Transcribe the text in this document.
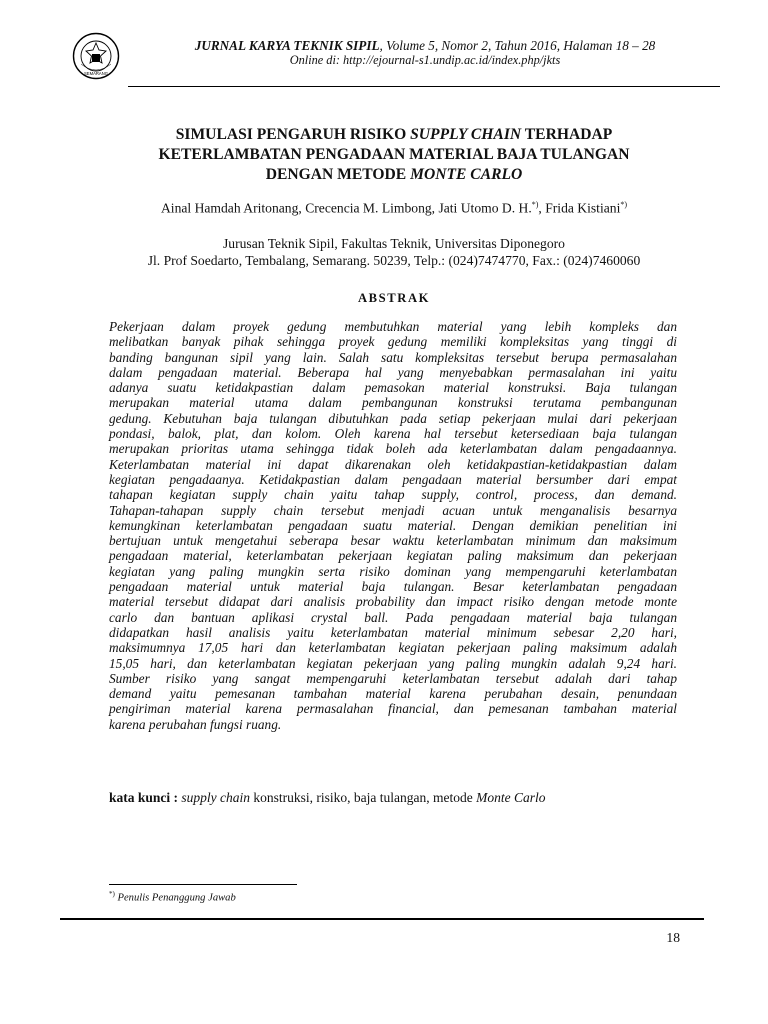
SEMARANG
JURNAL KARYA TEKNIK SIPIL, Volume 5, Nomor 2, Tahun 2016, Halaman 18 – 28
Online di: http://ejournal-s1.undip.ac.id/index.php/jkts
SIMULASI PENGARUH RISIKO SUPPLY CHAIN TERHADAP
KETERLAMBATAN PENGADAAN MATERIAL BAJA TULANGAN
DENGAN METODE MONTE CARLO
Ainal Hamdah Aritonang, Crecencia M. Limbong, Jati Utomo D. H.*), Frida Kistiani*)
Jurusan Teknik Sipil, Fakultas Teknik, Universitas Diponegoro
Jl. Prof Soedarto, Tembalang, Semarang. 50239, Telp.: (024)7474770, Fax.: (024)7460060
ABSTRAK
Pekerjaan dalam proyek gedung membutuhkan material yang lebih kompleks dan
melibatkan banyak pihak sehingga proyek gedung memiliki kompleksitas yang tinggi di
banding bangunan sipil yang lain. Salah satu kompleksitas tersebut berupa permasalahan
dalam pengadaan material. Beberapa hal yang menyebabkan permasalahan ini yaitu
adanya suatu ketidakpastian dalam pemasokan material konstruksi. Baja tulangan
merupakan material utama dalam pembangunan konstruksi terutama pembangunan
gedung. Kebutuhan baja tulangan dibutuhkan pada setiap pekerjaan mulai dari pekerjaan
pondasi, balok, plat, dan kolom. Oleh karena hal tersebut ketersediaan baja tulangan
merupakan prioritas utama sehingga tidak boleh ada keterlambatan dalam pengadaannya.
Keterlambatan material ini dapat dikarenakan oleh ketidakpastian-ketidakpastian dalam
kegiatan pengadaanya. Ketidakpastian dalam pengadaan material bersumber dari empat
tahapan kegiatan supply chain yaitu tahap supply, control, process, dan demand.
Tahapan-tahapan supply chain tersebut menjadi acuan untuk menganalisis besarnya
kemungkinan keterlambatan pengadaan suatu material. Dengan demikian penelitian ini
bertujuan untuk mengetahui seberapa besar waktu keterlambatan minimum dan maksimum
pengadaan material, keterlambatan pekerjaan kegiatan paling maksimum dan pekerjaan
kegiatan yang paling mungkin serta risiko dominan yang mempengaruhi keterlambatan
pengadaan material untuk material baja tulangan. Besar keterlambatan pengadaan
material tersebut didapat dari analisis probability dan impact risiko dengan metode monte
carlo dan bantuan aplikasi crystal ball. Pada pengadaan material baja tulangan
didapatkan hasil analisis yaitu keterlambatan material minimum sebesar 2,20 hari,
maksimumnya 17,05 hari dan keterlambatan kegiatan pekerjaan paling maksimum adalah
15,05 hari, dan keterlambatan kegiatan pekerjaan yang paling mungkin adalah 9,24 hari.
Sumber risiko yang sangat mempengaruhi keterlambatan tersebut adalah dari tahap
demand yaitu pemesanan tambahan material karena perubahan desain, penundaan
pengiriman material karena permasalahan financial, dan pemesanan tambahan material
karena perubahan fungsi ruang.
kata kunci : supply chain konstruksi, risiko, baja tulangan, metode Monte Carlo
*) Penulis Penanggung Jawab
18
